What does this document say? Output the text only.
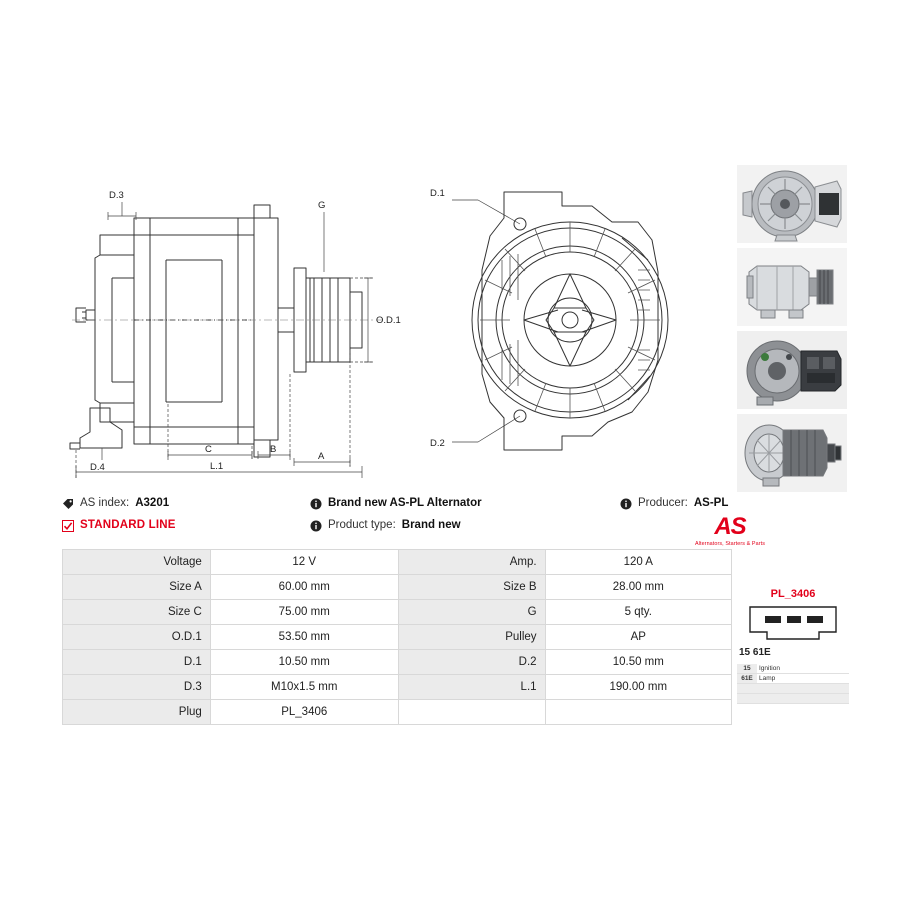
D.3
G
O.D.1
D.4
C	B
A
L.1
D.1
D.2
AS index: A3201
STANDARD LINE
Brand new AS-PL Alternator
Product type: Brand new
Producer: AS-PL
AS
Alternators, Starters & Parts
Voltage	12 V	Amp.	120 A
Size A	60.00 mm	Size B	28.00 mm
Size C	75.00 mm	G	5 qty.
O.D.1	53.50 mm	Pulley	AP
D.1	10.50 mm	D.2	10.50 mm
D.3	M10x1.5 mm	L.1	190.00 mm
Plug	PL_3406		
PL_3406
15 61E
15	Ignition
61E	Lamp
